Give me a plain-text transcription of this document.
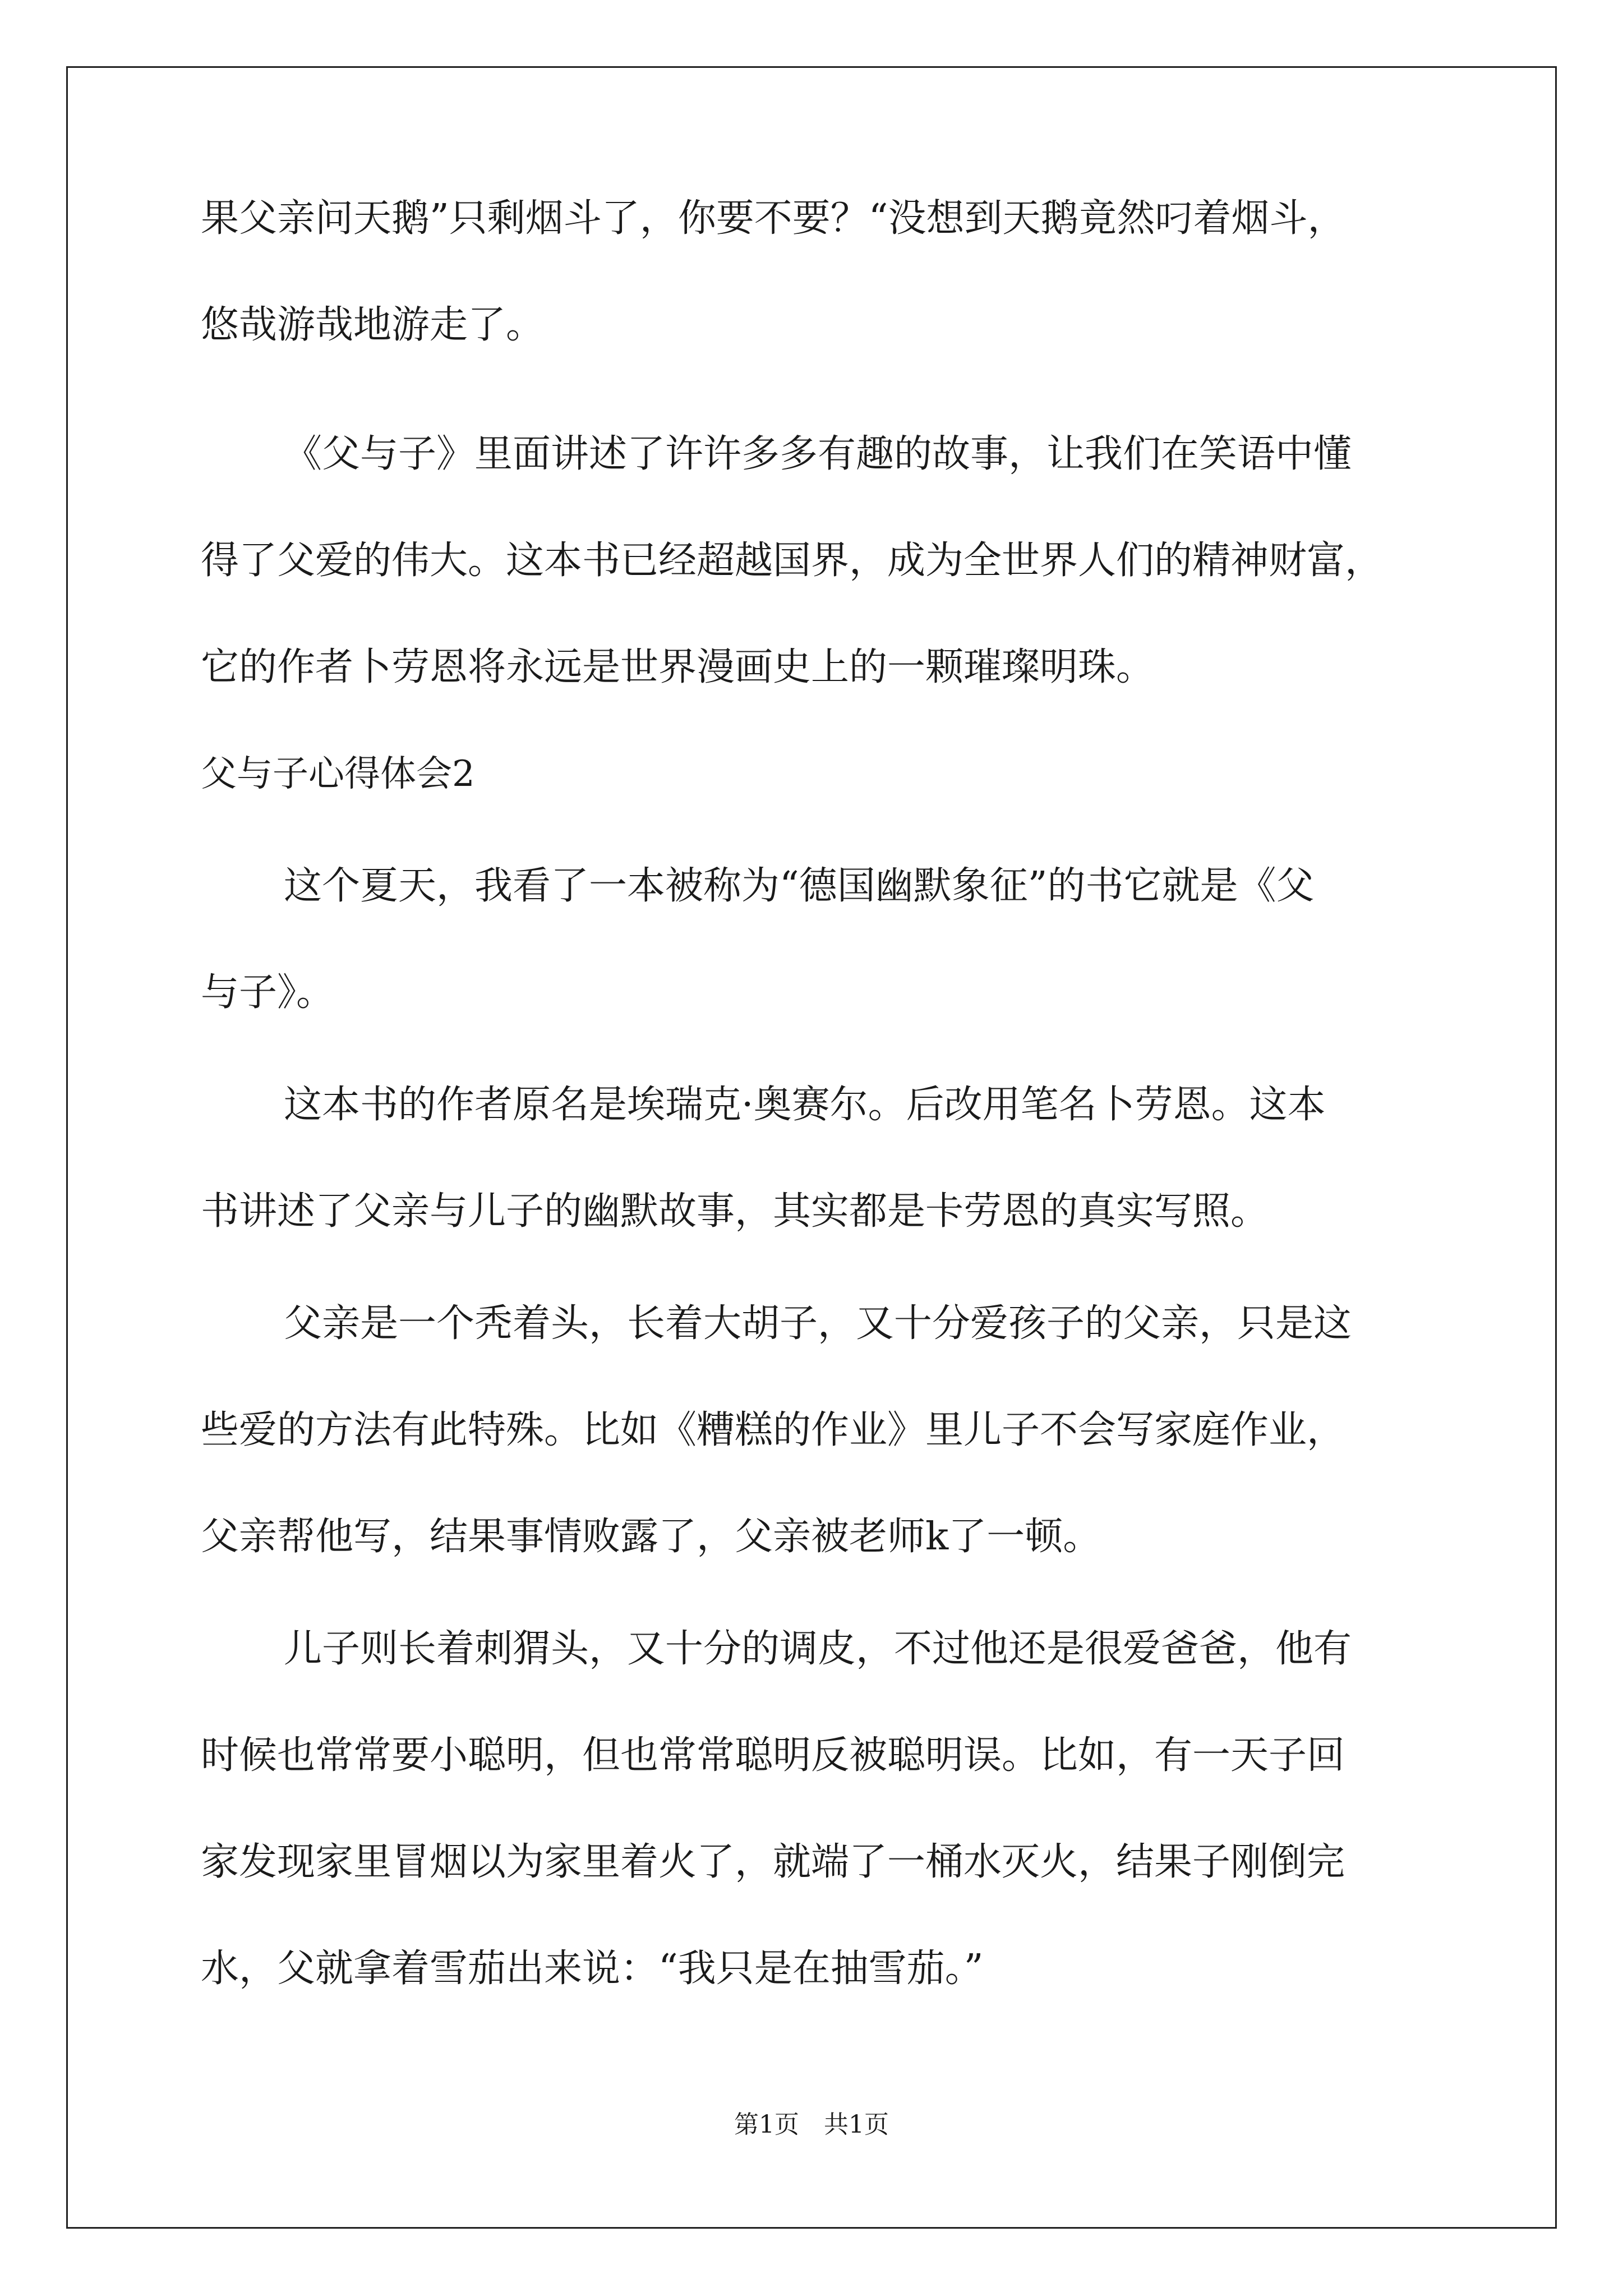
果父亲问天鹅”只剩烟斗了，你要不要？“没想到天鹅竟然叼着烟斗，
悠哉游哉地游走了。
《父与子》里面讲述了许许多多有趣的故事，让我们在笑语中懂
得了父爱的伟大。这本书已经超越国界，成为全世界人们的精神财富，
它的作者卜劳恩将永远是世界漫画史上的一颗璀璨明珠。
父与子心得体会2
这个夏天，我看了一本被称为“德国幽默象征”的书它就是《父
与子》。
这本书的作者原名是埃瑞克·奥赛尔。后改用笔名卜劳恩。这本
书讲述了父亲与儿子的幽默故事，其实都是卡劳恩的真实写照。
父亲是一个秃着头，长着大胡子，又十分爱孩子的父亲，只是这
些爱的方法有此特殊。比如《糟糕的作业》里儿子不会写家庭作业，
父亲帮他写，结果事情败露了，父亲被老师k了一顿。
儿子则长着刺猬头，又十分的调皮，不过他还是很爱爸爸，他有
时候也常常要小聪明，但也常常聪明反被聪明误。比如，有一天子回
家发现家里冒烟以为家里着火了，就端了一桶水灭火，结果子刚倒完
水，父就拿着雪茄出来说：“我只是在抽雪茄。”
第1页　共1页
